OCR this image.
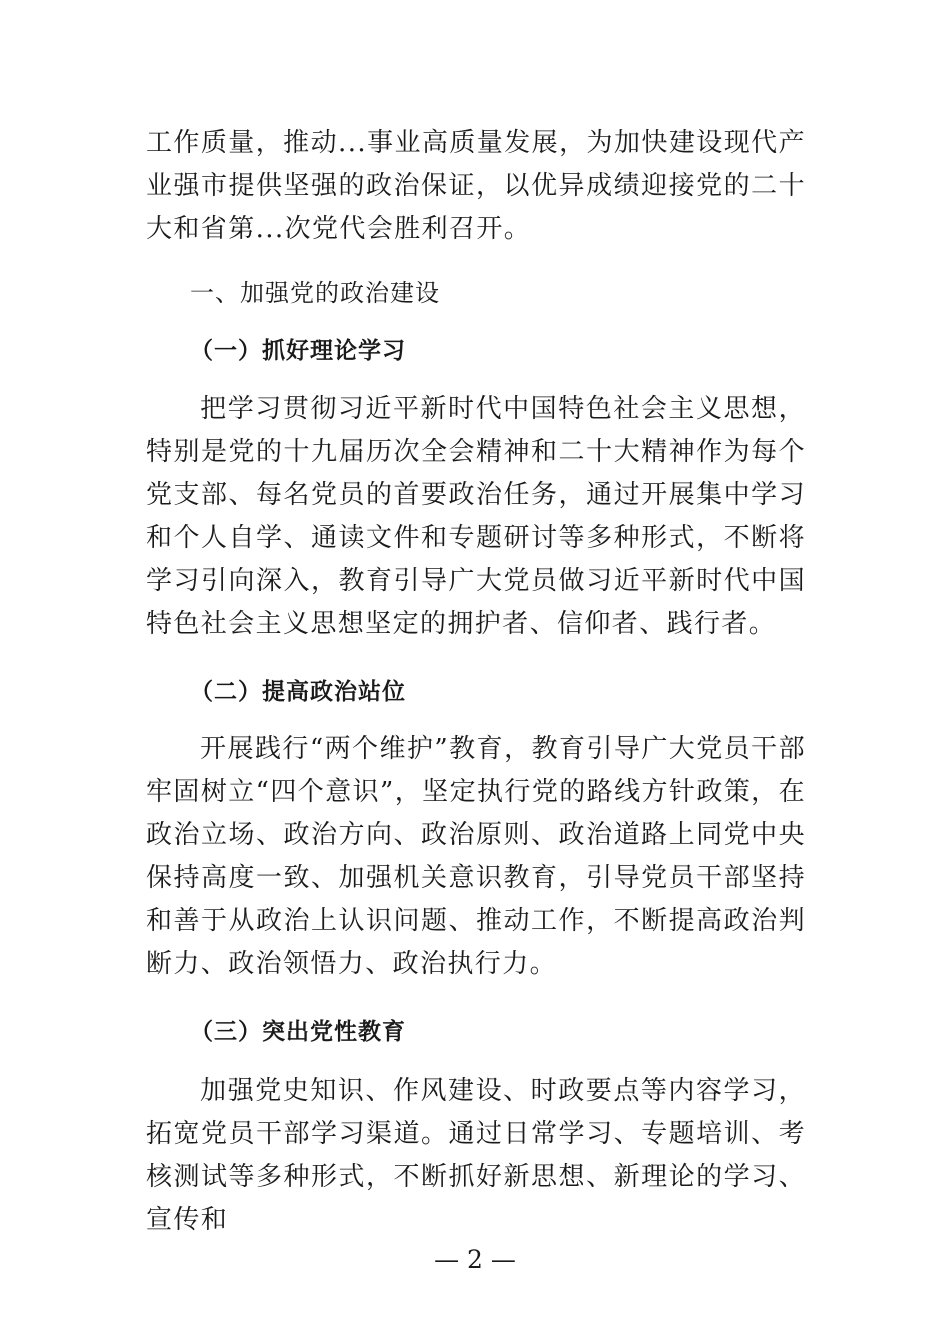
工作质量，推动...事业高质量发展，为加快建设现代产业强市提供坚强的政治保证，以优异成绩迎接党的二十大和省第...次党代会胜利召开。

一、加强党的政治建设
（一）抓好理论学习

把学习贯彻习近平新时代中国特色社会主义思想，特别是党的十九届历次全会精神和二十大精神作为每个党支部、每名党员的首要政治任务，通过开展集中学习和个人自学、通读文件和专题研讨等多种形式，不断将学习引向深入，教育引导广大党员做习近平新时代中国特色社会主义思想坚定的拥护者、信仰者、践行者。

（二）提高政治站位

开展践行“两个维护”教育，教育引导广大党员干部牢固树立“四个意识”，坚定执行党的路线方针政策，在政治立场、政治方向、政治原则、政治道路上同党中央保持高度一致、加强机关意识教育，引导党员干部坚持和善于从政治上认识问题、推动工作，不断提高政治判断力、政治领悟力、政治执行力。

（三）突出党性教育

加强党史知识、作风建设、时政要点等内容学习，拓宽党员干部学习渠道。通过日常学习、专题培训、考核测试等多种形式，不断抓好新思想、新理论的学习、宣传和

— 2 —
